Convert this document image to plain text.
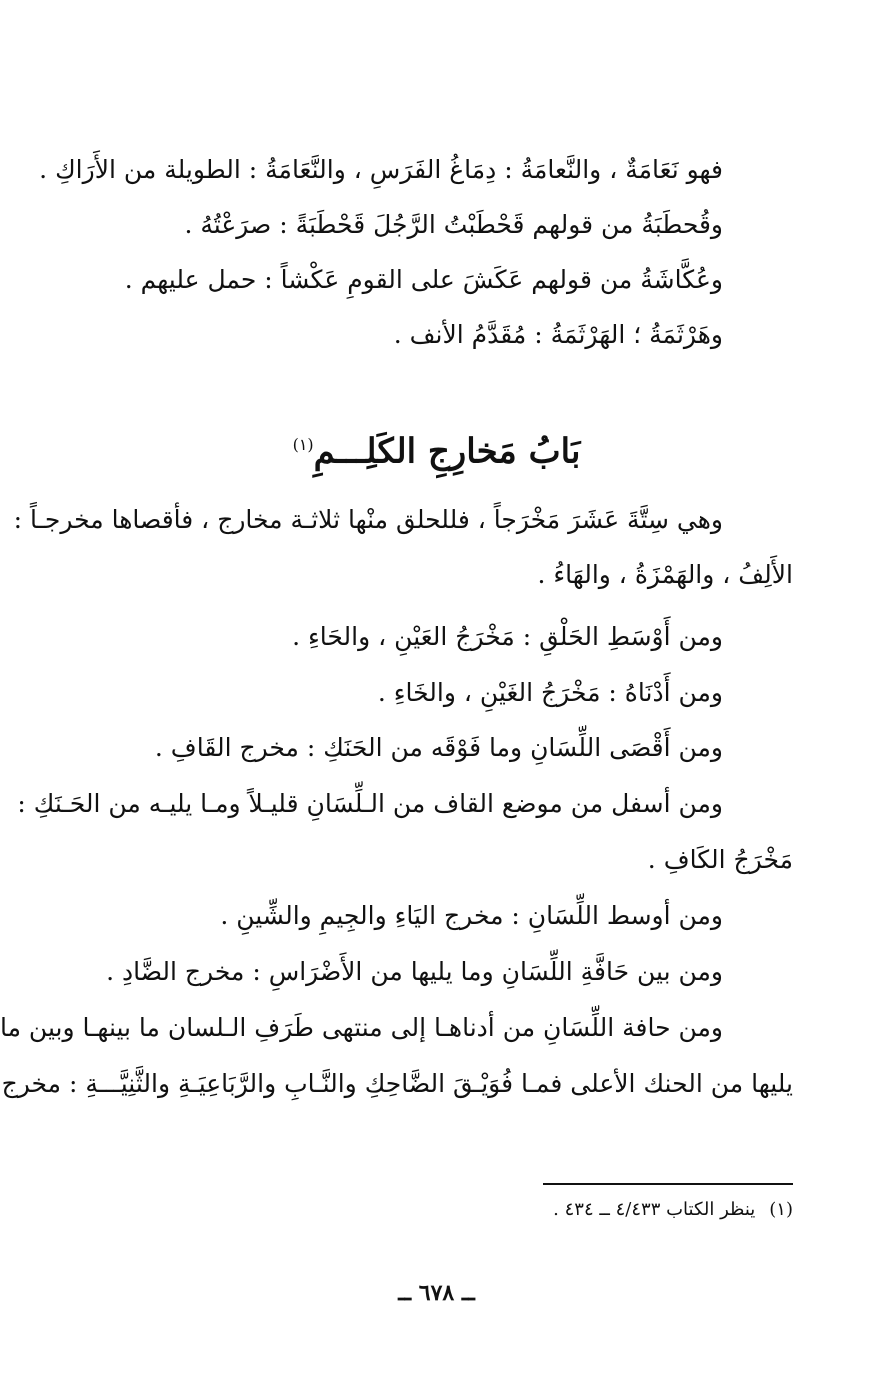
فهو نَعَامَةٌ ، والنَّعامَةُ : دِمَاغُ الفَرَسِ ، والنَّعَامَةُ : الطويلة من الأَرَاكِ .
وقُحطَبَةُ من قولهم قَحْطَبْتُ الرَّجُلَ قَحْطَبَةً : صرَعْتُهُ .
وعُكَّاشَةُ من قولهم عَكَشَ على القومِ عَكْشاً : حمل عليهم .
وهَرْثَمَةُ ؛ الهَرْثَمَةُ : مُقَدَّمُ الأنف .
بَابُ مَخارِجِ الكَلِـــمِ$^{(١)}$
وهي سِتَّةَ عَشَرَ مَخْرَجاً ، فللحلق منْها ثلاثـة مخارج ، فأقصاها مخرجـاً :
الأَلِفُ ، والهَمْزَةُ ، والهَاءُ .
ومن أَوْسَطِ الحَلْقِ : مَخْرَجُ العَيْنِ ، والحَاءِ .
ومن أَدْنَاهُ : مَخْرَجُ الغَيْنِ ، والخَاءِ .
ومن أَقْصَى اللِّسَانِ وما فَوْقَه من الحَنَكِ : مخرج القَافِ .
ومن أسفل من موضع القاف من الـلِّسَانِ قليـلاً ومـا يليـه من الحَـنَكِ :
مَخْرَجُ الكَافِ .
ومن أوسط اللِّسَانِ : مخرج اليَاءِ والجِيمِ والشِّينِ .
ومن بين حَافَّةِ اللِّسَانِ وما يليها من الأَضْرَاسِ : مخرج الضَّادِ .
ومن حافة اللِّسَانِ من أدناهـا إلى منتهى طَرَفِ الـلسان ما بينهـا وبين ما
يليها من الحنك الأعلى فمـا فُوَيْـقَ الضَّاحِكِ والنَّـابِ والرَّبَاعِيَـةِ والثَّنِيَّـــةِ : مخرج
(١)ينظر الكتاب ٤/٤٣٣ ــ ٤٣٤ .
ــ ٦٧٨ ــ
